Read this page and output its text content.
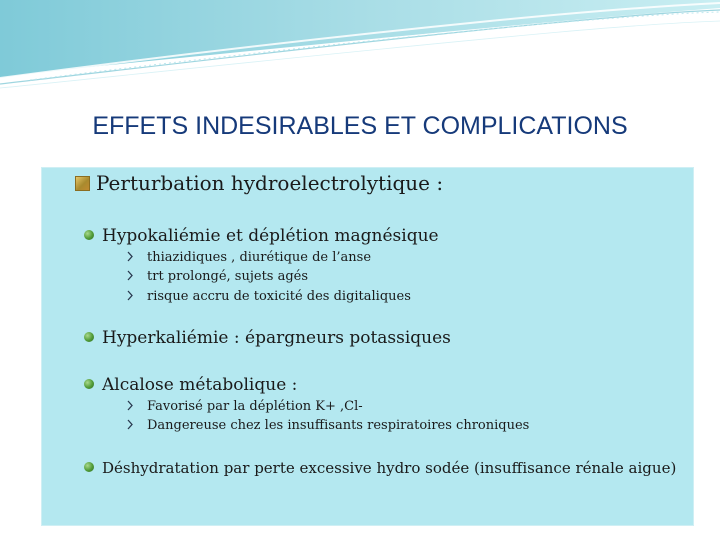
EFFETS INDESIRABLES ET COMPLICATIONS
Perturbation hydroelectrolytique :
Hypokaliémie et déplétion magnésique
thiazidiques , diurétique de l’anse
trt prolongé, sujets agés
risque accru de toxicité des digitaliques
Hyperkaliémie : épargneurs potassiques
Alcalose métabolique :
Favorisé par la déplétion K+ ,Cl-
Dangereuse chez les insuffisants respiratoires chroniques
Déshydratation par perte excessive hydro sodée (insuffisance rénale aigue)
